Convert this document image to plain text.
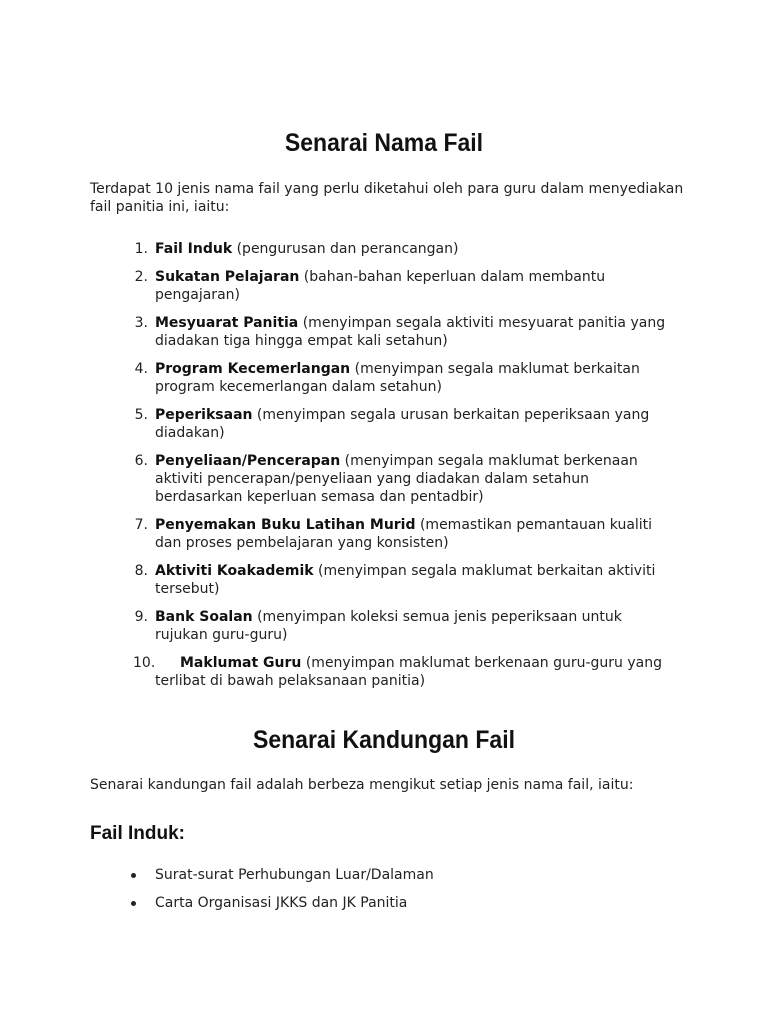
Senarai Nama Fail

Terdapat 10 jenis nama fail yang perlu diketahui oleh para guru dalam menyediakan fail panitia ini, iaitu:

1. Fail Induk (pengurusan dan perancangan)
2. Sukatan Pelajaran (bahan-bahan keperluan dalam membantu pengajaran)
3. Mesyuarat Panitia (menyimpan segala aktiviti mesyuarat panitia yang diadakan tiga hingga empat kali setahun)
4. Program Kecemerlangan (menyimpan segala maklumat berkaitan program kecemerlangan dalam setahun)
5. Peperiksaan (menyimpan segala urusan berkaitan peperiksaan yang diadakan)
6. Penyeliaan/Pencerapan (menyimpan segala maklumat berkenaan aktiviti pencerapan/penyeliaan yang diadakan dalam setahun berdasarkan keperluan semasa dan pentadbir)
7. Penyemakan Buku Latihan Murid (memastikan pemantauan kualiti dan proses pembelajaran yang konsisten)
8. Aktiviti Koakademik (menyimpan segala maklumat berkaitan aktiviti tersebut)
9. Bank Soalan (menyimpan koleksi semua jenis peperiksaan untuk rujukan guru-guru)
10.	Maklumat Guru (menyimpan maklumat berkenaan guru-guru yang terlibat di bawah pelaksanaan panitia)
Senarai Kandungan Fail

Senarai kandungan fail adalah berbeza mengikut setiap jenis nama fail, iaitu:

Fail Induk:
Surat-surat Perhubungan Luar/Dalaman
Carta Organisasi JKKS dan JK Panitia
